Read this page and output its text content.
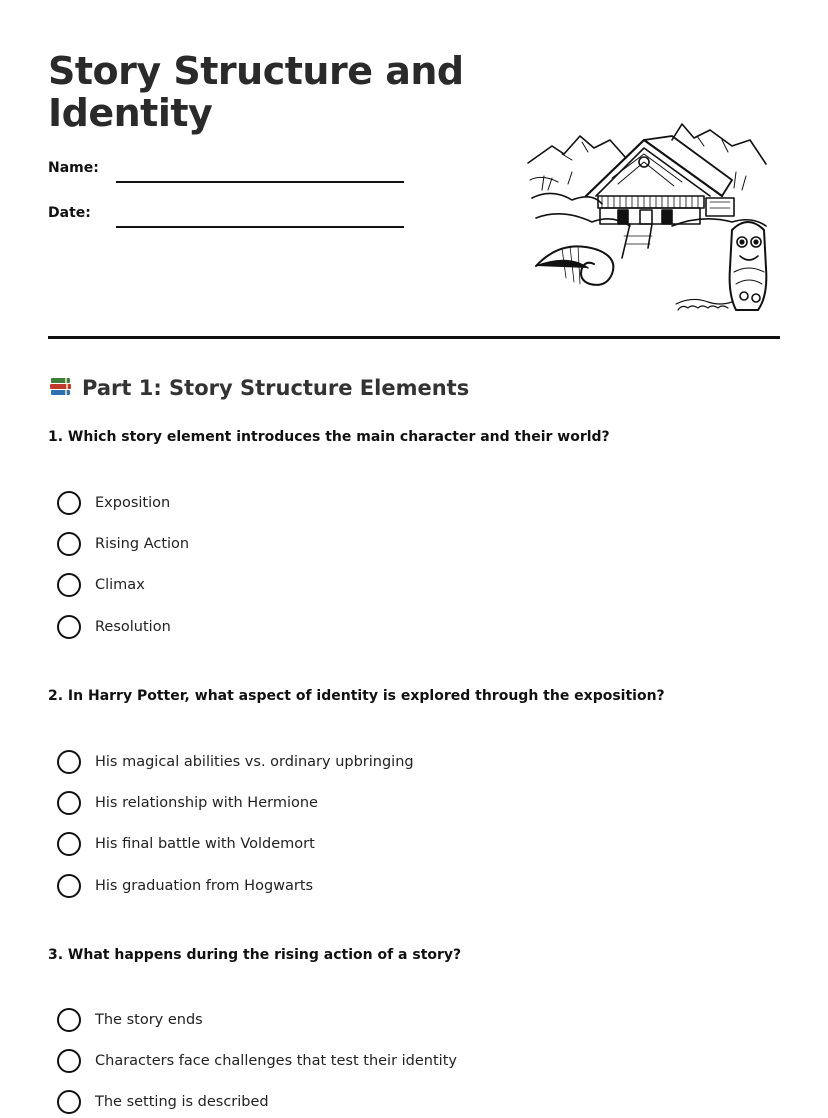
Story Structure and Identity
Name:
Date:
Part 1: Story Structure Elements
1. Which story element introduces the main character and their world?
Exposition
Rising Action
Climax
Resolution
2. In Harry Potter, what aspect of identity is explored through the exposition?
His magical abilities vs. ordinary upbringing
His relationship with Hermione
His final battle with Voldemort
His graduation from Hogwarts
3. What happens during the rising action of a story?
The story ends
Characters face challenges that test their identity
The setting is described
